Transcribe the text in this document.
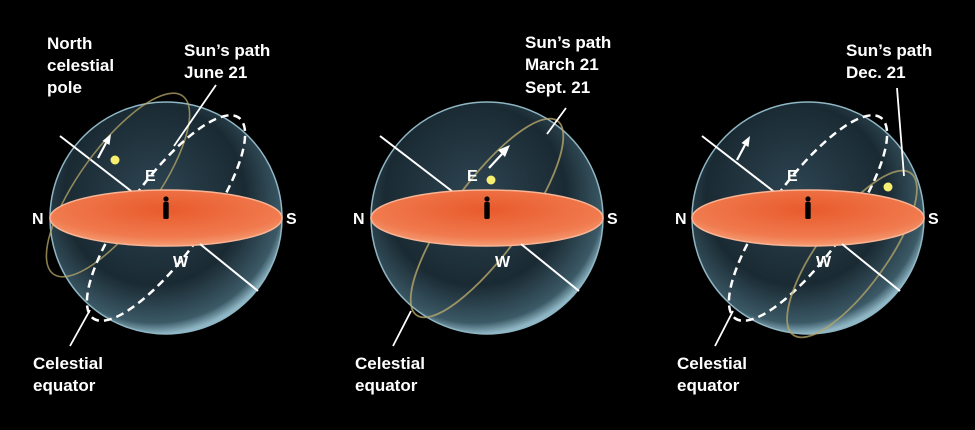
N
E
S
W
North celestial pole
Sun’s path June 21
Celestial equator
N
E
S
W
Sun’s path March 21 Sept. 21
Celestial equator
N
E
S
W
Sun’s path Dec. 21
Celestial equator
